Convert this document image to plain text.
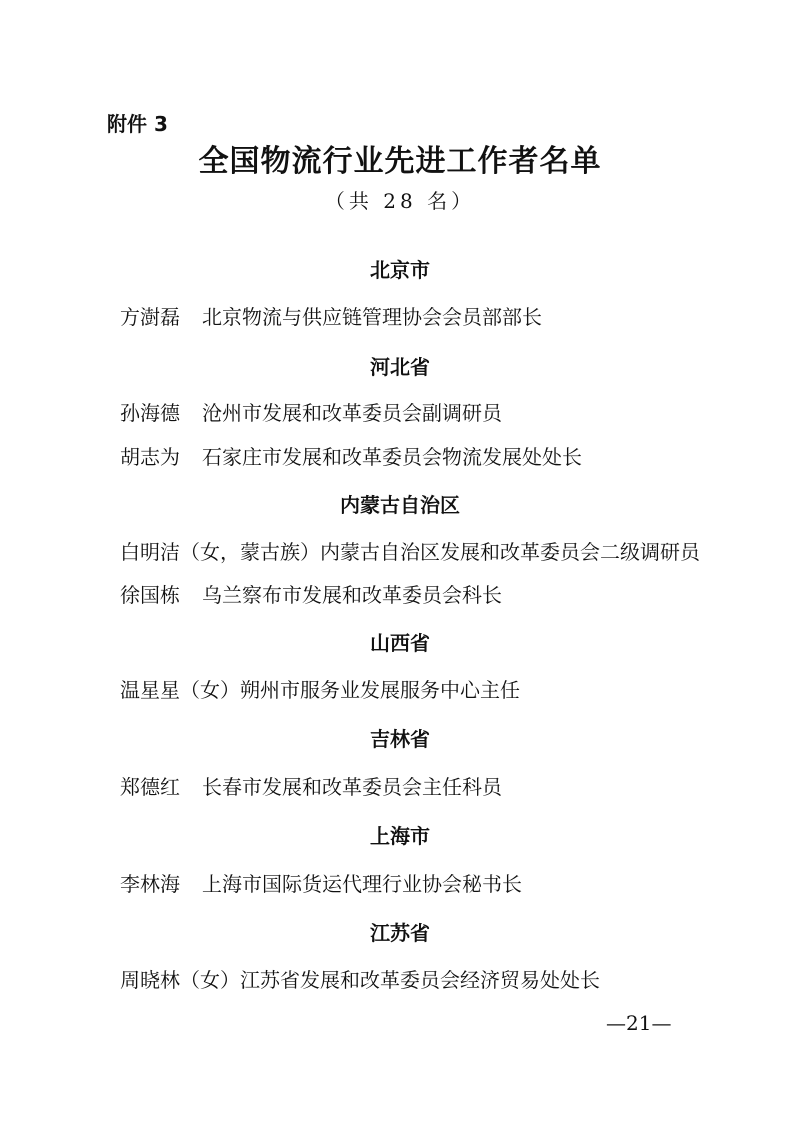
附件 3
全国物流行业先进工作者名单
（共 28 名）
北京市
方澍磊 北京物流与供应链管理协会会员部部长
河北省
孙海德 沧州市发展和改革委员会副调研员
胡志为 石家庄市发展和改革委员会物流发展处处长
内蒙古自治区
白明洁（女，蒙古族）内蒙古自治区发展和改革委员会二级调研员
徐国栋 乌兰察布市发展和改革委员会科长
山西省
温星星（女）朔州市服务业发展服务中心主任
吉林省
郑德红 长春市发展和改革委员会主任科员
上海市
李林海 上海市国际货运代理行业协会秘书长
江苏省
周晓林（女）江苏省发展和改革委员会经济贸易处处长
—21—
